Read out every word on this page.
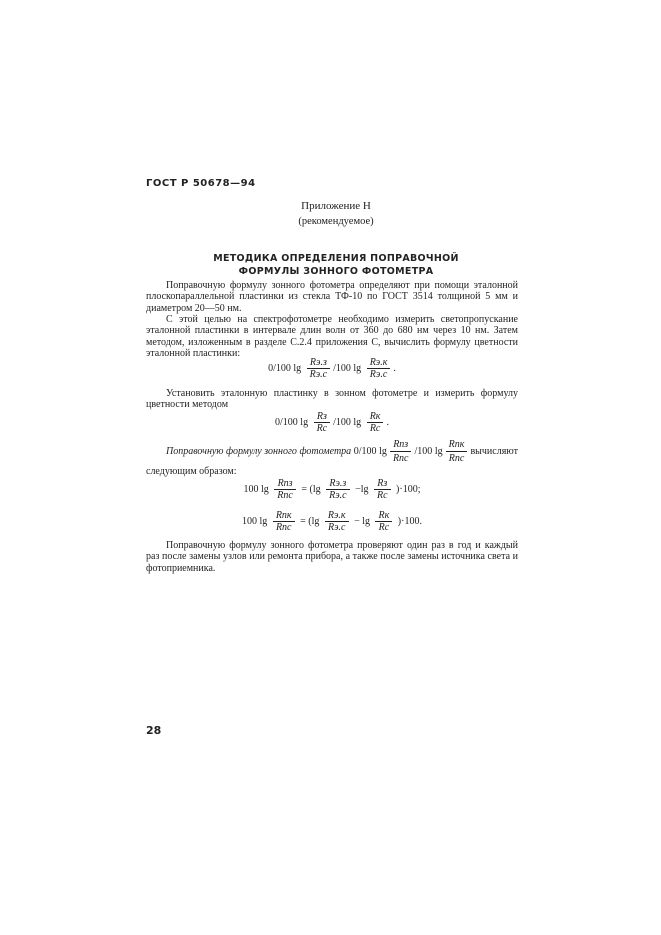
ГОСТ Р 50678—94
Приложение Н
(рекомендуемое)
МЕТОДИКА ОПРЕДЕЛЕНИЯ ПОПРАВОЧНОЙ
ФОРМУЛЫ ЗОННОГО ФОТОМЕТРА
Поправочную формулу зонного фотометра определяют при помощи эталонной плоскопараллельной пластинки из стекла ТФ-10 по ГОСТ 3514 толщиной 5 мм и диаметром 20—50 нм.
С этой целью на спектрофотометре необходимо измерить светопропускание эталонной пластинки в интервале длин волн от 360 до 680 нм через 10 нм. Затем методом, изложенным в разделе С.2.4 приложения С, вычислить формулу цветности эталонной пластинки:
0/100 lg
Rэ.з
Rэ.с
/100 lg
Rэ.к
Rэ.с
.
Установить эталонную пластинку в зонном фотометре и измерить формулу цветности методом
0/100 lg
Rз
Rс
/100 lg
Rк
Rс
.
Поправочную формулу зонного фотометра 0/100 lg
Rпз
Rпс
/100 lg
Rпк
Rпс
вычисляют следующим образом:
100 lg
Rпз
Rпс
= (lg
Rэ.з
Rэ.с
−lg
Rз
Rс
)·100;
100 lg
Rпк
Rпс
= (lg
Rэ.к
Rэ.с
− lg
Rк
Rс
)·100.
Поправочную формулу зонного фотометра проверяют один раз в год и каждый раз после замены узлов или ремонта прибора, а также после замены источника света и фотоприемника.
28
